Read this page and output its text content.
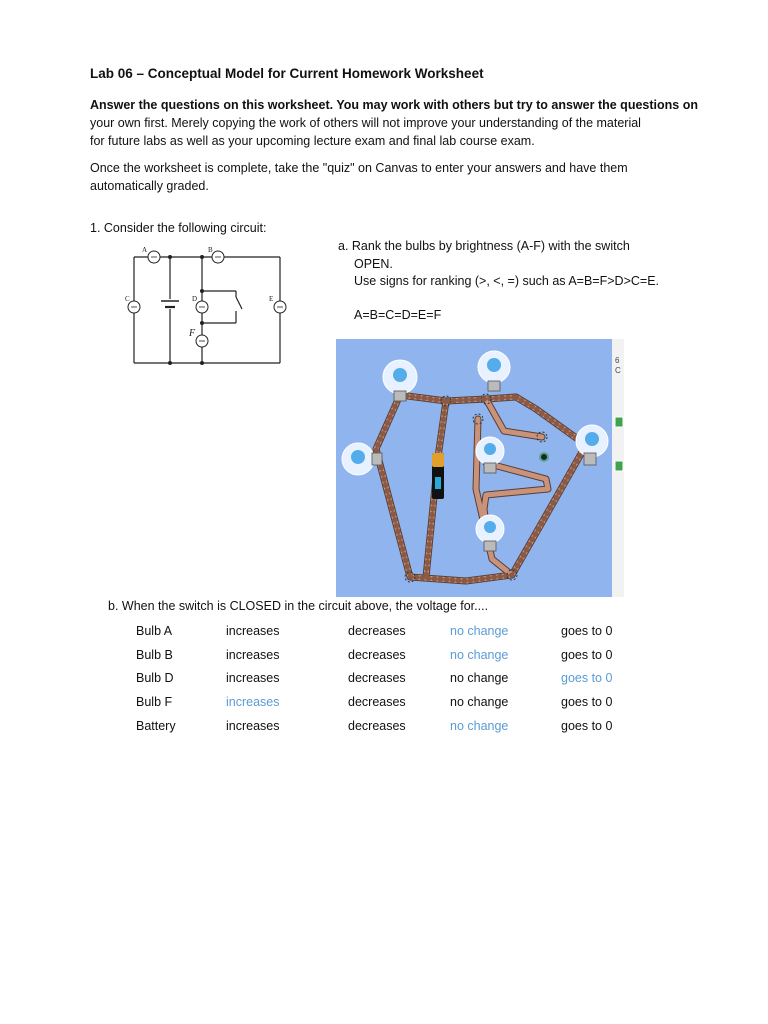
Lab 06 – Conceptual Model for Current Homework Worksheet

Answer the questions on this worksheet. You may work with others but try to answer the questions on

your own first. Merely copying the work of others will not improve your understanding of the material

for future labs as well as your upcoming lecture exam and final lab course exam.

Once the worksheet is complete, take the "quiz" on Canvas to enter your answers and have them

automatically graded.

1. Consider the following circuit:
A	B
C	D	E
F

a. Rank the bulbs by brightness (A-F) with the switch

OPEN.

Use signs for ranking (>, <, =) such as A=B=F>D>C=E.

A=B=C=D=E=F
6
C
b. When the switch is CLOSED in the circuit above, the voltage for....
Bulb A	increases	decreases	no change	goes to 0
Bulb B	increases	decreases	no change	goes to 0
Bulb D	increases	decreases	no change	goes to 0
Bulb F	increases	decreases	no change	goes to 0
Battery	increases	decreases	no change	goes to 0
